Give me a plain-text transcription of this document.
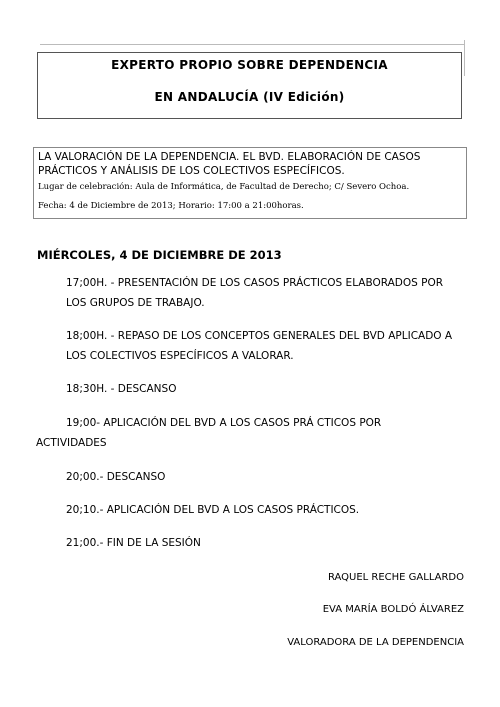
EXPERTO PROPIO SOBRE DEPENDENCIA
EN ANDALUCÍA (IV Edición)
LA VALORACIÓN DE LA DEPENDENCIA. EL BVD. ELABORACIÓN DE CASOS PRÁCTICOS Y ANÁLISIS DE LOS COLECTIVOS ESPECÍFICOS.
Lugar de celebración: Aula de Informática, de Facultad de Derecho; C/ Severo Ochoa.
Fecha: 4 de Diciembre de 2013; Horario: 17:00 a 21:00horas.
MIÉRCOLES, 4 DE DICIEMBRE DE 2013
17;00H. - PRESENTACIÓN DE LOS CASOS PRÁCTICOS ELABORADOS POR
LOS GRUPOS DE TRABAJO.
18;00H. - REPASO DE LOS CONCEPTOS GENERALES DEL BVD APLICADO A
LOS COLECTIVOS ESPECÍFICOS A VALORAR.
18;30H. - DESCANSO
19;00- APLICACIÓN DEL BVD A LOS CASOS PRÁ CTICOS POR
ACTIVIDADES
20;00.- DESCANSO
20;10.- APLICACIÓN DEL BVD A LOS CASOS PRÁCTICOS.
21;00.- FIN DE LA SESIÓN
RAQUEL RECHE GALLARDO
EVA MARÍA BOLDÓ ÁLVAREZ
VALORADORA DE LA DEPENDENCIA
